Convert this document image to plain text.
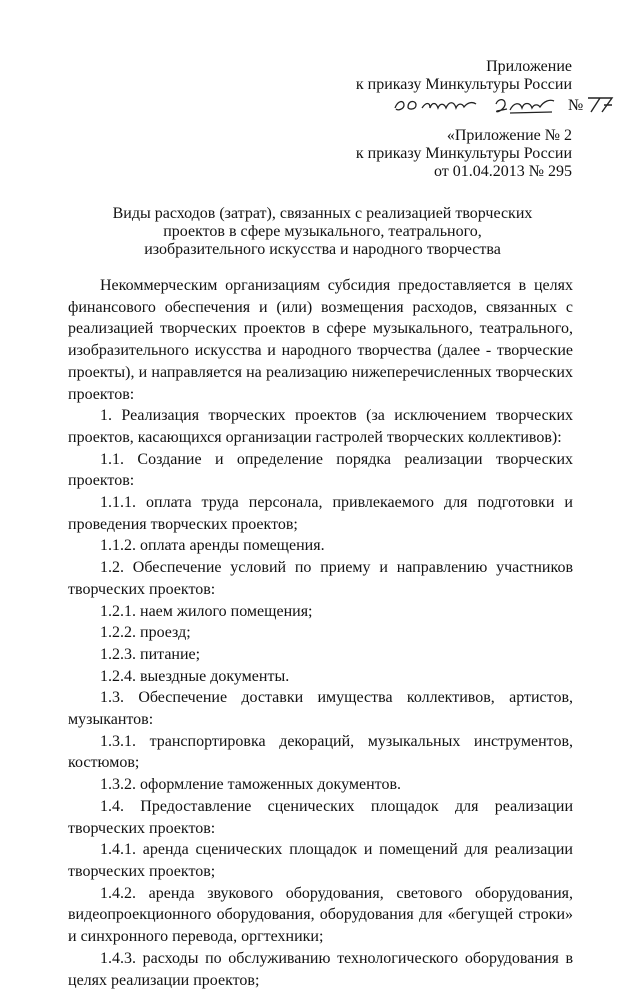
Приложение
к приказу Минкультуры России
№
«Приложение № 2
к приказу Минкультуры России
от 01.04.2013 № 295
Виды расходов (затрат), связанных с реализацией творческих
проектов в сфере музыкального, театрального,
изобразительного искусства и народного творчества

Некоммерческим организациям субсидия предоставляется в целях финансового обеспечения и (или) возмещения расходов, связанных с реализацией творческих проектов в сфере музыкального, театрального, изобразительного искусства и народного творчества (далее - творческие проекты), и направляется на реализацию нижеперечисленных творческих проектов:

1. Реализация творческих проектов (за исключением творческих проектов, касающихся организации гастролей творческих коллективов):

1.1. Создание и определение порядка реализации творческих проектов:

1.1.1. оплата труда персонала, привлекаемого для подготовки и проведения творческих проектов;

1.1.2. оплата аренды помещения.

1.2. Обеспечение условий по приему и направлению участников творческих проектов:

1.2.1. наем жилого помещения;

1.2.2. проезд;

1.2.3. питание;

1.2.4. выездные документы.

1.3. Обеспечение доставки имущества коллективов, артистов, музыкантов:

1.3.1. транспортировка декораций, музыкальных инструментов, костюмов;

1.3.2. оформление таможенных документов.

1.4. Предоставление сценических площадок для реализации творческих проектов:

1.4.1. аренда сценических площадок и помещений для реализации творческих проектов;

1.4.2. аренда звукового оборудования, светового оборудования, видеопроекционного оборудования, оборудования для «бегущей строки» и синхронного перевода, оргтехники;

1.4.3. расходы по обслуживанию технологического оборудования в целях реализации проектов;
